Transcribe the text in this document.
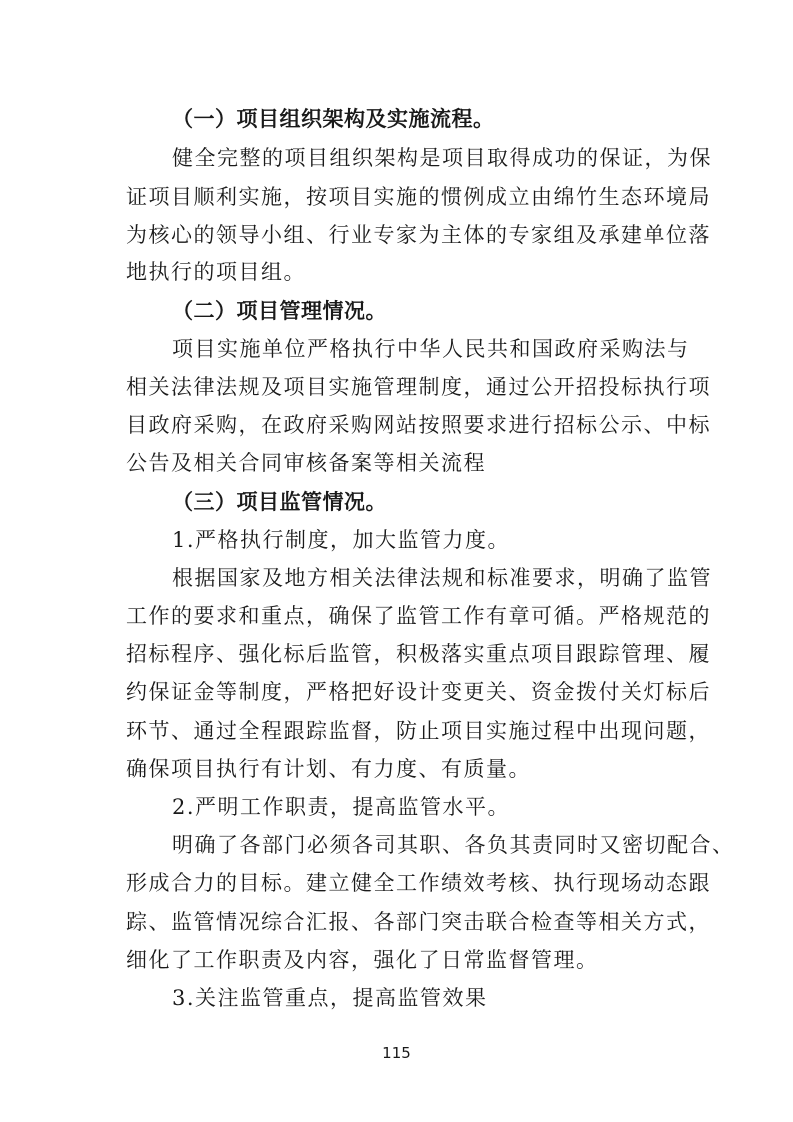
（一）项目组织架构及实施流程。

健全完整的项目组织架构是项目取得成功的保证，为保

证项目顺利实施，按项目实施的惯例成立由绵竹生态环境局

为核心的领导小组、行业专家为主体的专家组及承建单位落

地执行的项目组。

（二）项目管理情况。

项目实施单位严格执行中华人民共和国政府采购法与

相关法律法规及项目实施管理制度，通过公开招投标执行项

目政府采购，在政府采购网站按照要求进行招标公示、中标

公告及相关合同审核备案等相关流程

（三）项目监管情况。

1.严格执行制度，加大监管力度。

根据国家及地方相关法律法规和标准要求，明确了监管

工作的要求和重点，确保了监管工作有章可循。严格规范的

招标程序、强化标后监管，积极落实重点项目跟踪管理、履

约保证金等制度，严格把好设计变更关、资金拨付关灯标后

环节、通过全程跟踪监督，防止项目实施过程中出现问题，

确保项目执行有计划、有力度、有质量。

2.严明工作职责，提高监管水平。

明确了各部门必须各司其职、各负其责同时又密切配合、

形成合力的目标。建立健全工作绩效考核、执行现场动态跟

踪、监管情况综合汇报、各部门突击联合检查等相关方式，

细化了工作职责及内容，强化了日常监督管理。

3.关注监管重点，提高监管效果

115
